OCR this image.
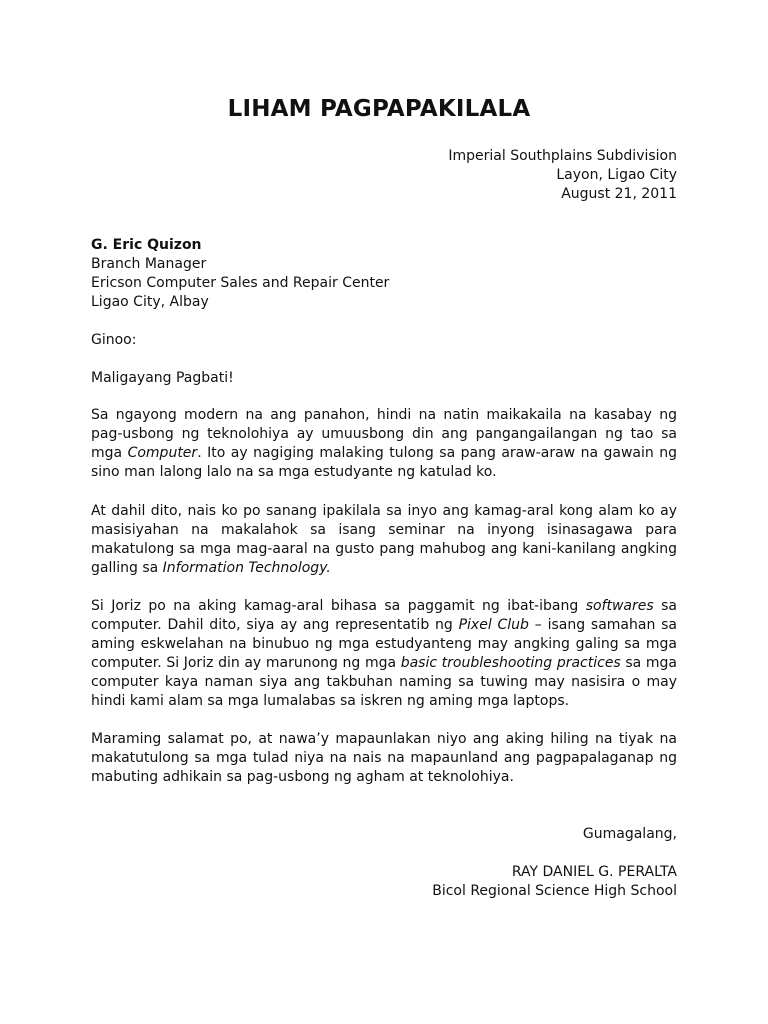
LIHAM PAGPAPAKILALA
Imperial Southplains Subdivision
Layon, Ligao City
August 21, 2011
G. Eric Quizon
Branch Manager
Ericson Computer Sales and Repair Center
Ligao City, Albay
Ginoo:
Maligayang Pagbati!
Sa ngayong modern na ang panahon, hindi na natin maikakaila na kasabay ng pag-usbong ng teknolohiya ay umuusbong din ang pangangailangan ng tao sa mga Computer. Ito ay nagiging malaking tulong sa pang araw-araw na gawain ng sino man lalong lalo na sa mga estudyante ng katulad ko.
At dahil dito, nais ko po sanang ipakilala sa inyo ang kamag-aral kong alam ko ay masisiyahan na makalahok sa isang seminar na inyong isinasagawa para makatulong sa mga mag-aaral na gusto pang mahubog ang kani-kanilang angking galling sa Information Technology.
Si Joriz po na aking kamag-aral bihasa sa paggamit ng ibat-ibang softwares sa computer. Dahil dito, siya ay ang representatib ng Pixel Club – isang samahan sa aming eskwelahan na binubuo ng mga estudyanteng may angking galing sa mga computer. Si Joriz din ay marunong ng mga basic troubleshooting practices sa mga computer kaya naman siya ang takbuhan naming sa tuwing may nasisira o may hindi kami alam sa mga lumalabas sa iskren ng aming mga laptops.
Maraming salamat po, at nawa’y mapaunlakan niyo ang aking hiling na tiyak na makatutulong sa mga tulad niya na nais na mapaunland ang pagpapalaganap ng mabuting adhikain sa pag-usbong ng agham at teknolohiya.
Gumagalang,
RAY DANIEL G. PERALTA
Bicol Regional Science High School
